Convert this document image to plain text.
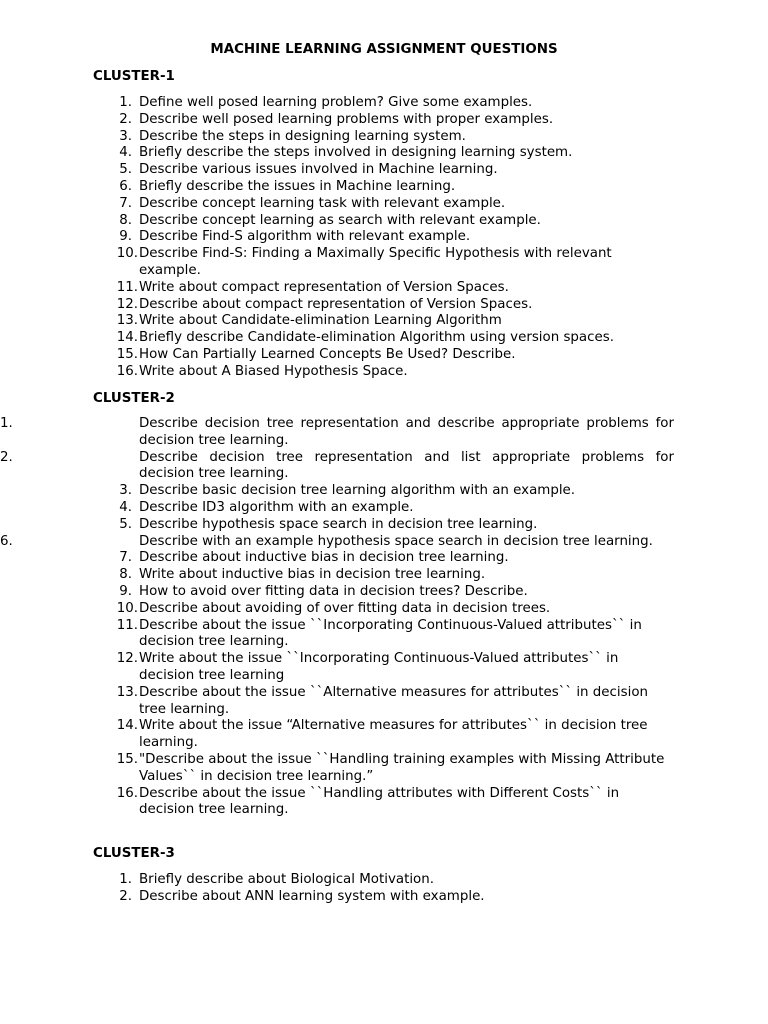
MACHINE LEARNING ASSIGNMENT QUESTIONS
CLUSTER-1
1. Define well posed learning problem? Give some examples.
2. Describe well posed learning problems with proper examples.
3. Describe the steps in designing learning system.
4. Briefly describe the steps involved in designing learning system.
5. Describe various issues involved in Machine learning.
6. Briefly describe the issues in Machine learning.
7. Describe concept learning task with relevant example.
8. Describe concept learning as search with relevant example.
9. Describe Find-S algorithm with relevant example.
10. Describe Find-S: Finding a Maximally Specific Hypothesis with relevant example.
11. Write about compact representation of Version Spaces.
12. Describe about compact representation of Version Spaces.
13. Write about Candidate-elimination Learning Algorithm
14. Briefly describe Candidate-elimination Algorithm using version spaces.
15. How Can Partially Learned Concepts Be Used? Describe.
16. Write about A Biased Hypothesis Space.
CLUSTER-2
1.	Describe decision tree representation and describe appropriate problems for decision tree learning.
2.	Describe decision tree representation and list appropriate problems for decision tree learning.
3. Describe basic decision tree learning algorithm with an example.
4. Describe ID3 algorithm with an example.
5. Describe hypothesis space search in decision tree learning.
6.	Describe with an example hypothesis space search in decision tree learning.
7. Describe about inductive bias in decision tree learning.
8. Write about inductive bias in decision tree learning.
9. How to avoid over fitting data in decision trees? Describe.
10. Describe about avoiding of over fitting data in decision trees.
11. Describe about the issue ``Incorporating Continuous-Valued attributes`` in decision tree learning.
12. Write about the issue ``Incorporating Continuous-Valued attributes`` in decision tree learning
13. Describe about the issue ``Alternative measures for attributes`` in decision tree learning.
14. Write about the issue “Alternative measures for attributes`` in decision tree learning.
15. "Describe about the issue ``Handling training examples with Missing Attribute Values`` in decision tree learning.”
16. Describe about the issue ``Handling attributes with Different Costs`` in decision tree learning.
CLUSTER-3
1. Briefly describe about Biological Motivation.
2. Describe about ANN learning system with example.
